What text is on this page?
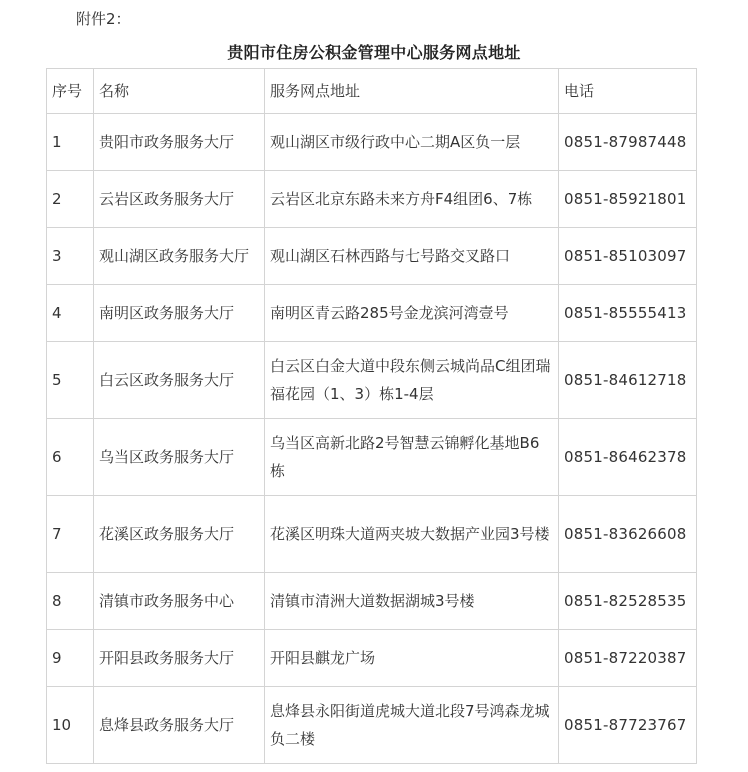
附件2：
贵阳市住房公积金管理中心服务网点地址
序号	名称	服务网点地址	电话
1	贵阳市政务服务大厅	观山湖区市级行政中心二期A区负一层	0851-87987448
2	云岩区政务服务大厅	云岩区北京东路未来方舟F4组团6、7栋	0851-85921801
3	观山湖区政务服务大厅	观山湖区石林西路与七号路交叉路口	0851-85103097
4	南明区政务服务大厅	南明区青云路285号金龙滨河湾壹号	0851-85555413
5	白云区政务服务大厅	白云区白金大道中段东侧云城尚品C组团瑞福花园（1、3）栋1-4层	0851-84612718
6	乌当区政务服务大厅	乌当区高新北路2号智慧云锦孵化基地B6栋	0851-86462378
7	花溪区政务服务大厅	花溪区明珠大道两夹坡大数据产业园3号楼	0851-83626608
8	清镇市政务服务中心	清镇市清洲大道数据湖城3号楼	0851-82528535
9	开阳县政务服务大厅	开阳县麒龙广场	0851-87220387
10	息烽县政务服务大厅	息烽县永阳街道虎城大道北段7号鸿森龙城负二楼	0851-87723767
